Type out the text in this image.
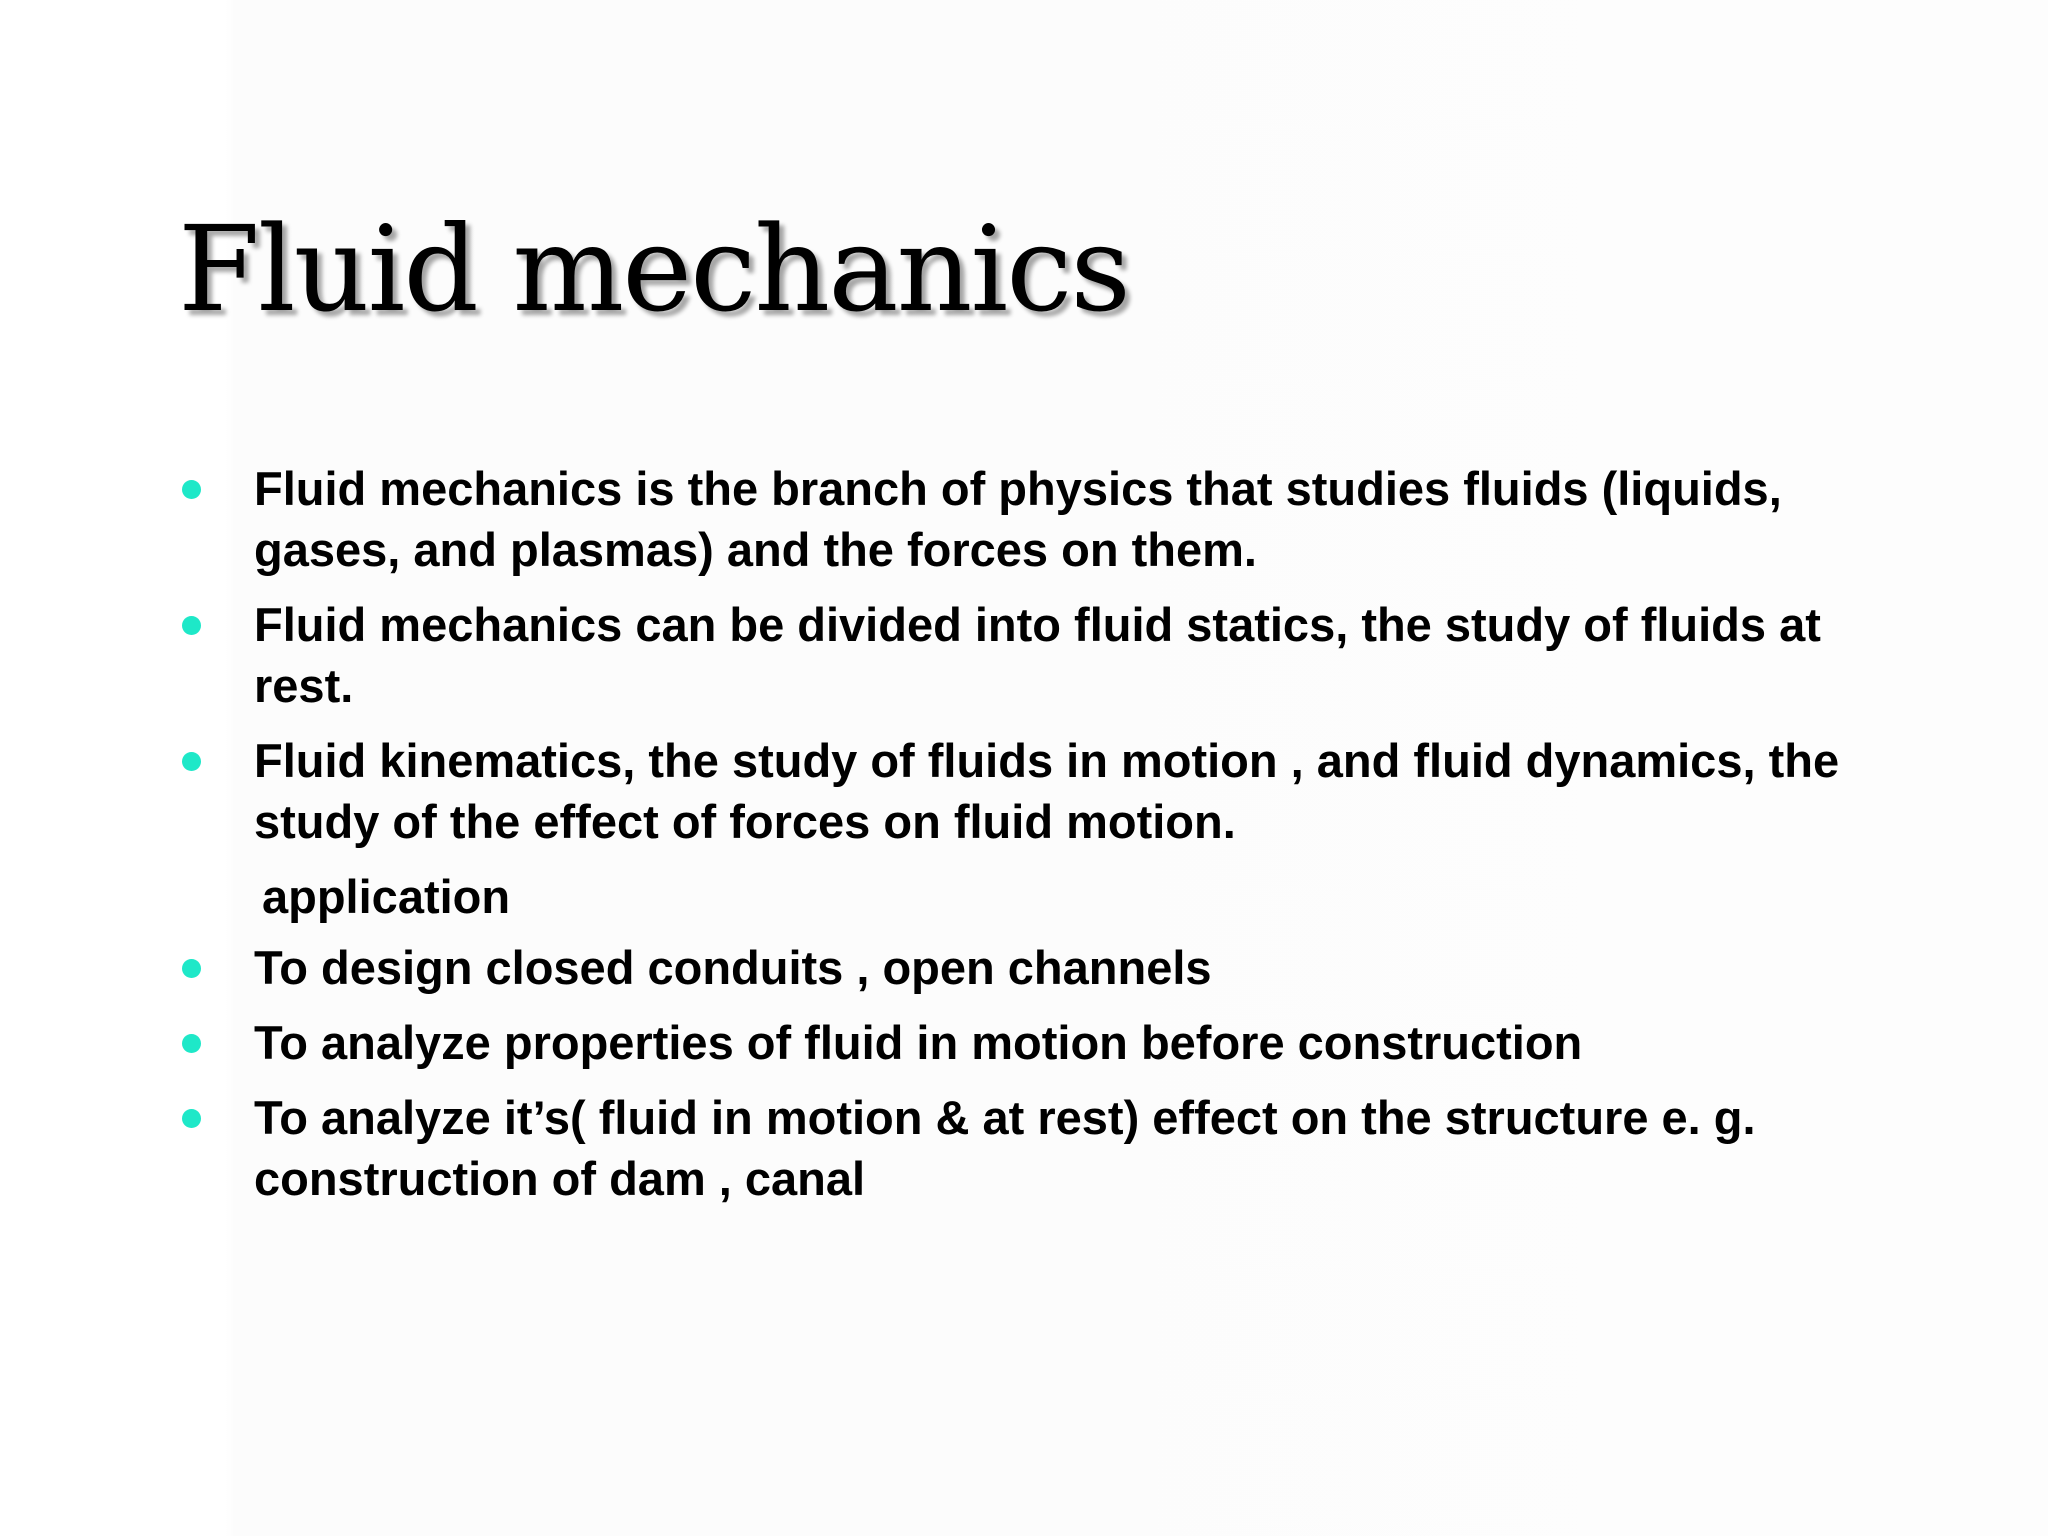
Fluid mechanics
Fluid mechanics is the branch of physics that studies fluids (liquids, gases, and plasmas) and the forces on them.
Fluid mechanics can be divided into fluid statics, the study of fluids at rest.
Fluid kinematics, the study of fluids in motion , and fluid dynamics, the study of the effect of forces on fluid motion.
application
To design closed conduits , open channels
To analyze properties of fluid in motion before construction
To analyze it’s( fluid in motion & at rest) effect on the structure e. g. construction of dam , canal
